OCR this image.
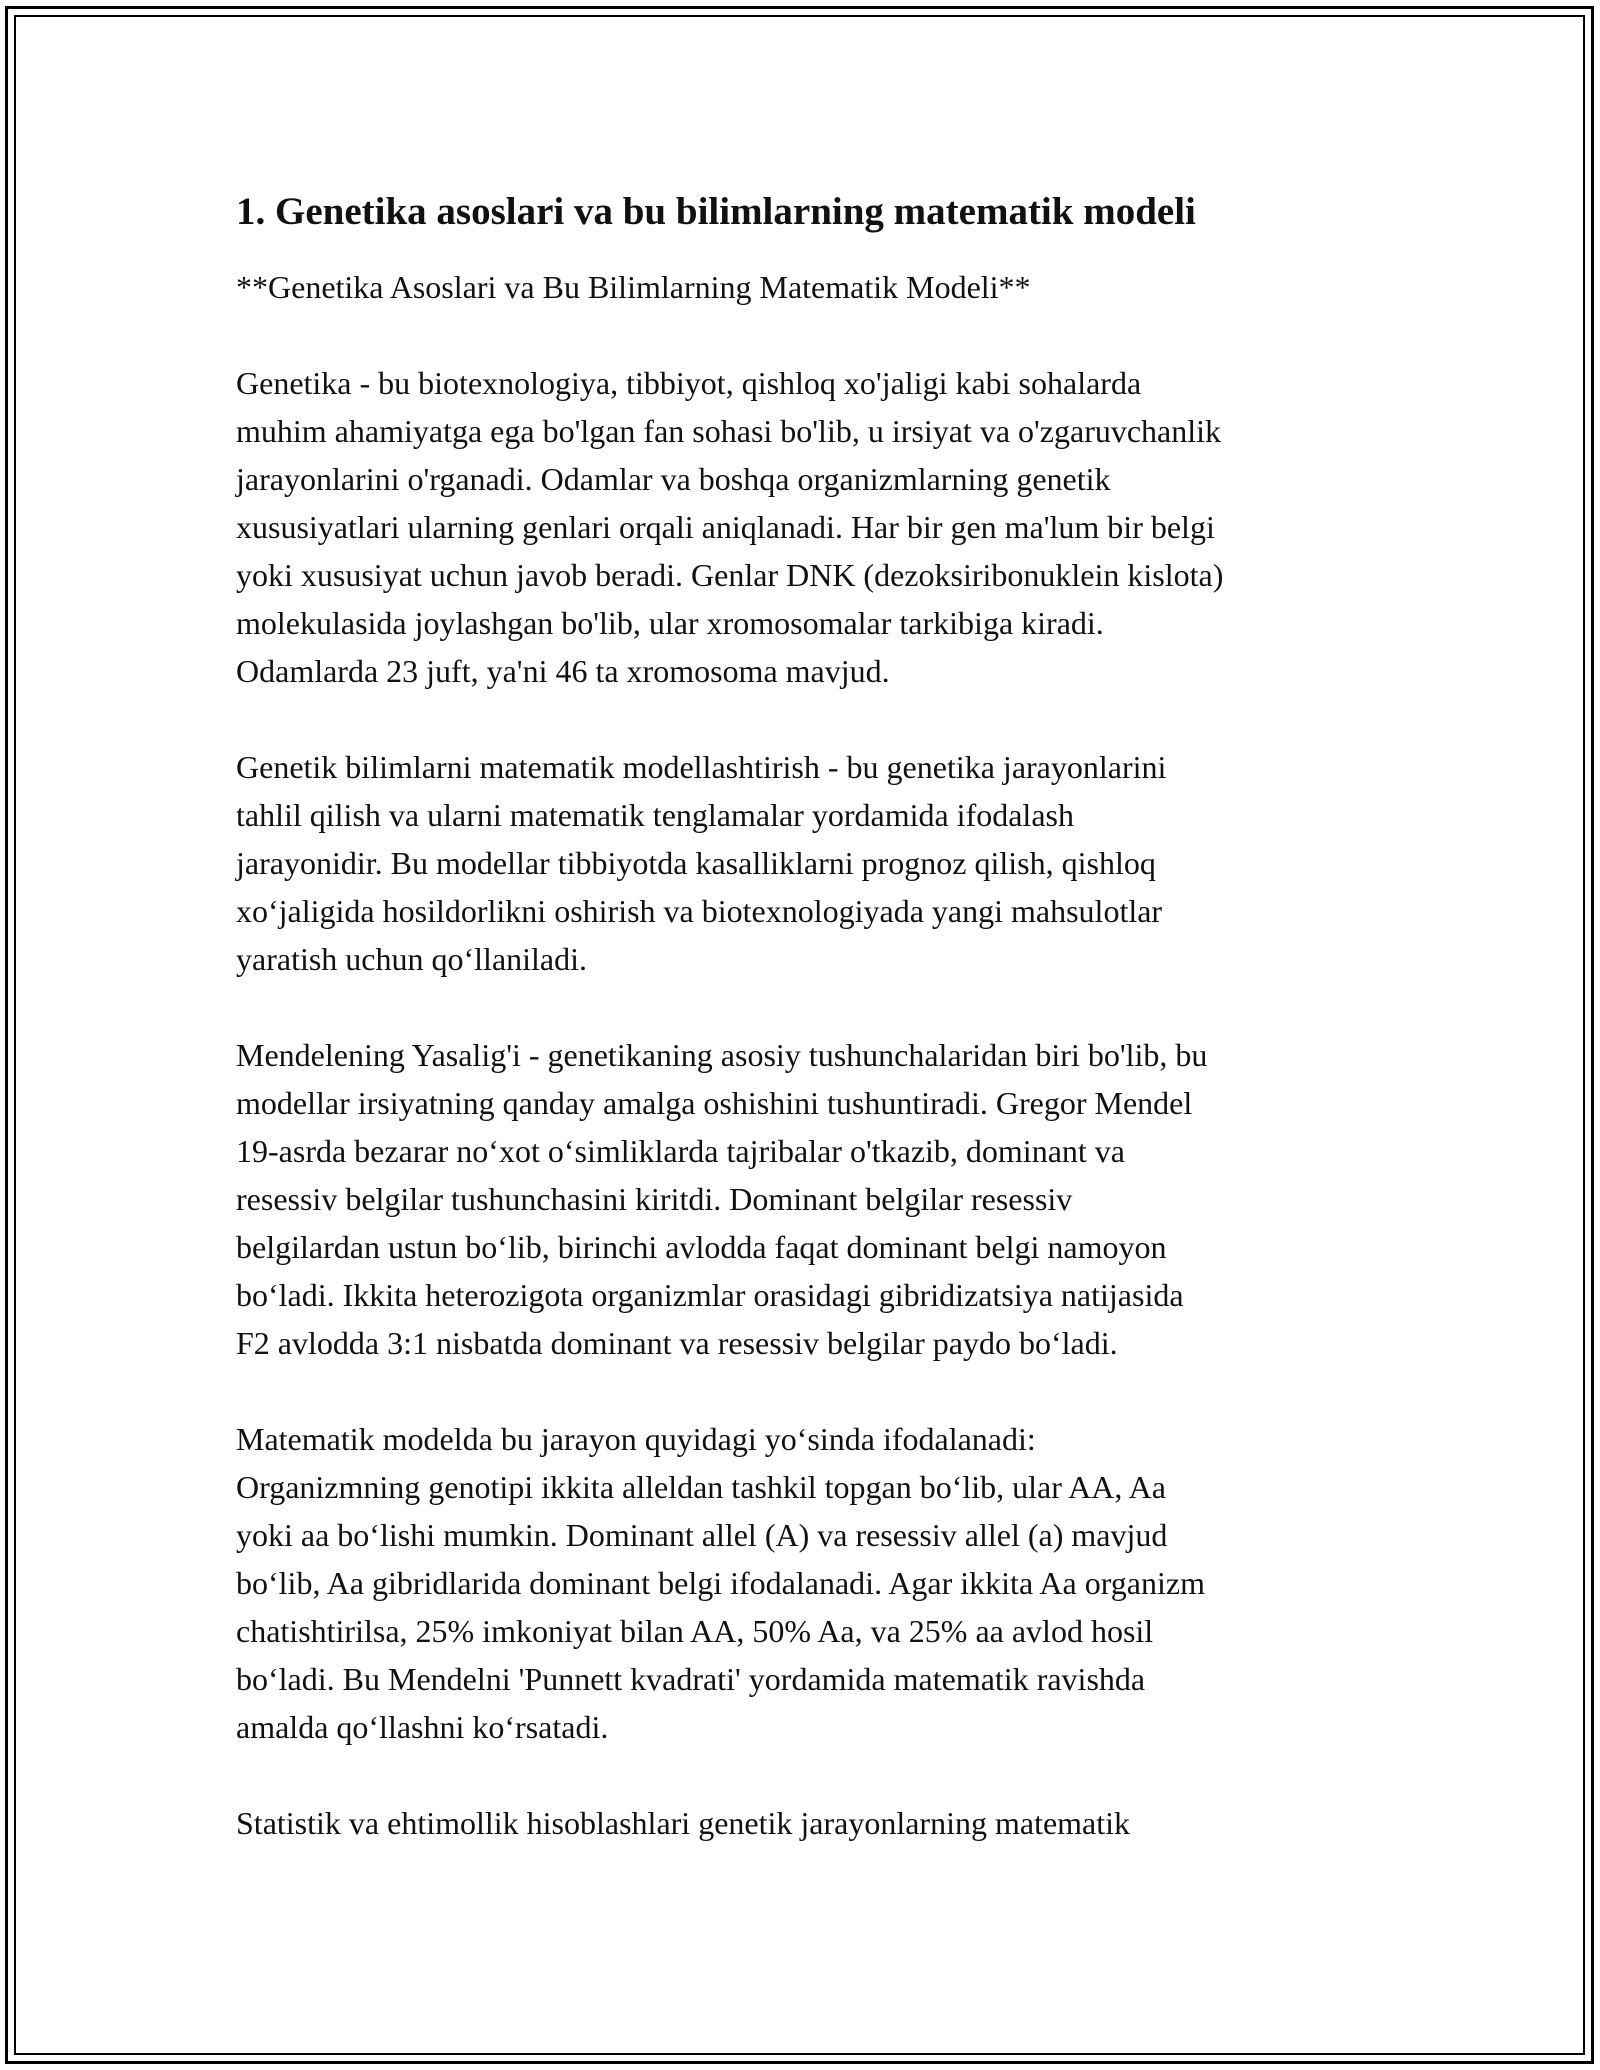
1. Genetika asoslari va bu bilimlarning matematik modeli
**Genetika Asoslari va Bu Bilimlarning Matematik Modeli**

Genetika - bu biotexnologiya, tibbiyot, qishloq xo'jaligi kabi sohalarda
muhim ahamiyatga ega bo'lgan fan sohasi bo'lib, u irsiyat va o'zgaruvchanlik
jarayonlarini o'rganadi. Odamlar va boshqa organizmlarning genetik
xususiyatlari ularning genlari orqali aniqlanadi. Har bir gen ma'lum bir belgi
yoki xususiyat uchun javob beradi. Genlar DNK (dezoksiribonuklein kislota)
molekulasida joylashgan bo'lib, ular xromosomalar tarkibiga kiradi.
Odamlarda 23 juft, ya'ni 46 ta xromosoma mavjud.

Genetik bilimlarni matematik modellashtirish - bu genetika jarayonlarini
tahlil qilish va ularni matematik tenglamalar yordamida ifodalash
jarayonidir. Bu modellar tibbiyotda kasalliklarni prognoz qilish, qishloq
xoʻjaligida hosildorlikni oshirish va biotexnologiyada yangi mahsulotlar
yaratish uchun qoʻllaniladi.

Mendelening Yasalig'i - genetikaning asosiy tushunchalaridan biri bo'lib, bu
modellar irsiyatning qanday amalga oshishini tushuntiradi. Gregor Mendel
19-asrda bezarar noʻxot oʻsimliklarda tajribalar o'tkazib, dominant va
resessiv belgilar tushunchasini kiritdi. Dominant belgilar resessiv
belgilardan ustun boʻlib, birinchi avlodda faqat dominant belgi namoyon
boʻladi. Ikkita heterozigota organizmlar orasidagi gibridizatsiya natijasida
F2 avlodda 3:1 nisbatda dominant va resessiv belgilar paydo boʻladi.

Matematik modelda bu jarayon quyidagi yoʻsinda ifodalanadi:
Organizmning genotipi ikkita alleldan tashkil topgan boʻlib, ular AA, Aa
yoki aa boʻlishi mumkin. Dominant allel (A) va resessiv allel (a) mavjud
boʻlib, Aa gibridlarida dominant belgi ifodalanadi. Agar ikkita Aa organizm
chatishtirilsa, 25% imkoniyat bilan AA, 50% Aa, va 25% aa avlod hosil
boʻladi. Bu Mendelni 'Punnett kvadrati' yordamida matematik ravishda
amalda qoʻllashni koʻrsatadi.

Statistik va ehtimollik hisoblashlari genetik jarayonlarning matematik
